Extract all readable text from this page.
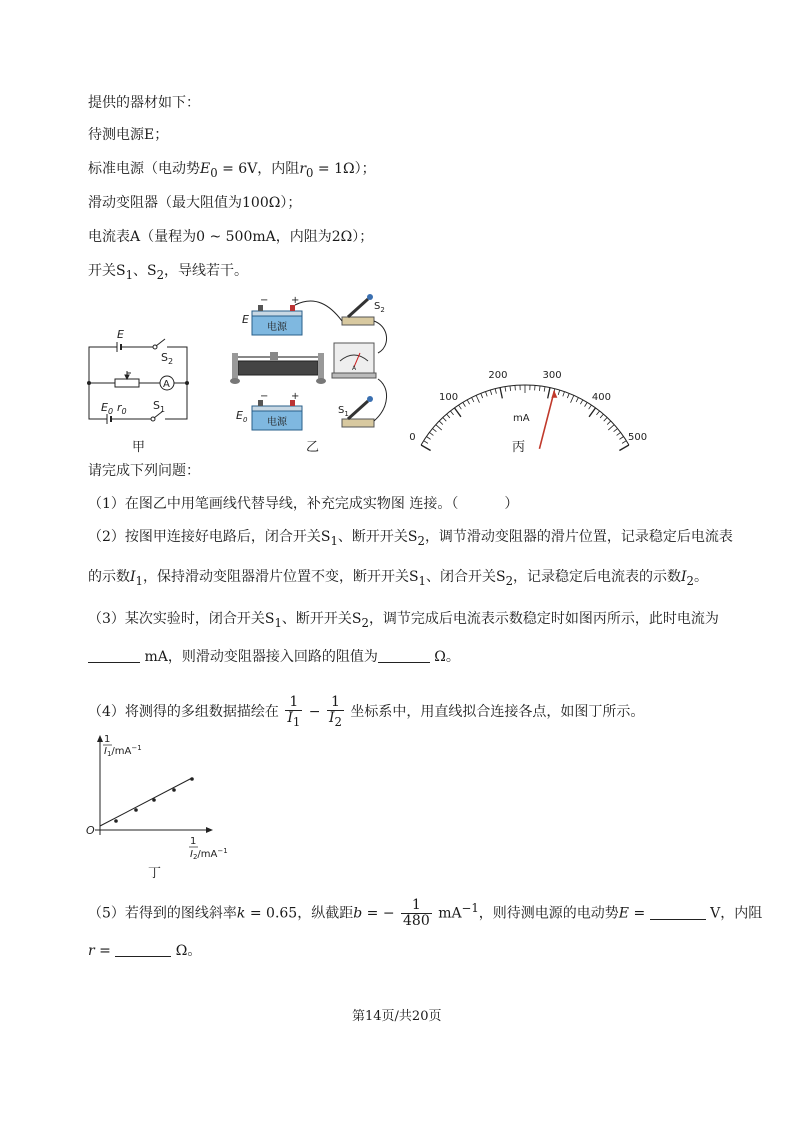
提供的器材如下：
待测电源E；
标准电源（电动势$E_0 = 6V$，内阻$r_0 = 1\Omega$）；
滑动变阻器（最大阻值为100Ω）；
电流表A（量程为0 ~ 500mA，内阻为2Ω）；
开关$S_1$、$S_2$，导线若干。
E
$S_2$
A
$E_0$ $r_0$ $S_1$
甲
电源
− +
E
$S_2$
A
电源
− +
$E_0$
$S_1$
乙
0
100
200	300
400
500
mA
丙
请完成下列问题：
（1）在图乙中用笔画线代替导线，补充完成实物图 连接。（	）
（2）按图甲连接好电路后，闭合开关$S_1$、断开开关$S_2$，调节滑动变阻器的滑片位置，记录稳定后电流表
的示数$I_1$，保持滑动变阻器滑片位置不变，断开开关$S_1$、闭合开关$S_2$，记录稳定后电流表的示数$I_2$。
（3）某次实验时，闭合开关$S_1$、断开开关$S_2$，调节完成后电流表示数稳定时如图丙所示，此时电流为
mA，则滑动变阻器接入回路的阻值为	Ω。
（4）将测得的多组数据描绘在 $\frac{1}{I_1} - \frac{1}{I_2}$ 坐标系中，用直线拟合连接各点，如图丁所示。
O
1
$I_1/mA^{-1}$
1
$I_2/mA^{-1}$
丁
（5）若得到的图线斜率k = 0.65，纵截距b = − $\frac{1}{480} mA^{-1}$，则待测电源的电动势E =	V，内阻
r =	Ω。
第14页/共20页
